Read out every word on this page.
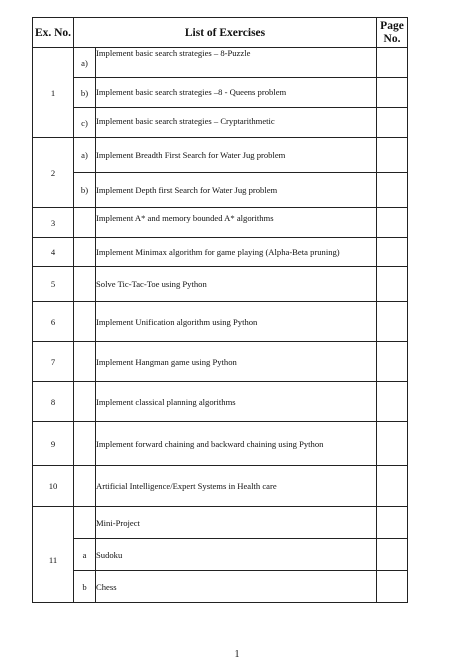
Ex. No.	List of Exercises		Page No.
1	a)	Implement basic search strategies – 8-Puzzle	
	b)	Implement basic search strategies –8 - Queens problem	
	c)	Implement basic search strategies – Cryptarithmetic	
2	a)	Implement Breadth First Search for Water Jug problem	
	b)	Implement Depth first Search for Water Jug problem	
3		Implement A* and memory bounded A* algorithms	
4		Implement Minimax algorithm for game playing (Alpha-Beta pruning)	
5		Solve Tic-Tac-Toe using Python	
6		Implement Unification algorithm using Python	
7		Implement Hangman game using Python	
8		Implement classical planning algorithms	
9		Implement forward chaining and backward chaining using Python	
10		Artificial Intelligence/Expert Systems in Health care	
11		Mini-Project	
	a	Sudoku	
	b	Chess	
1
